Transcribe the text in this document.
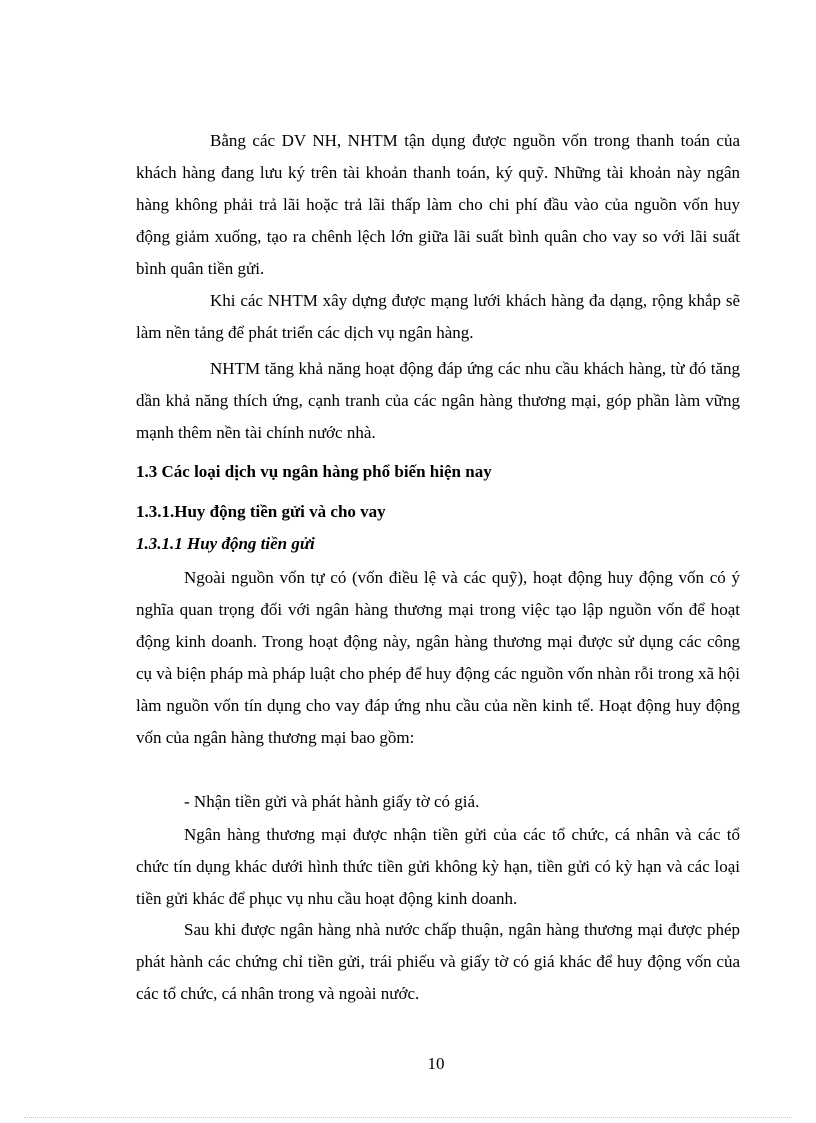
Bằng các DV NH, NHTM tận dụng được nguồn vốn trong thanh toán của khách hàng đang lưu ký trên tài khoản thanh toán, ký quỹ. Những tài khoản này ngân hàng không phải trả lãi hoặc trả lãi thấp làm cho chi phí đầu vào của nguồn vốn huy động giảm xuống, tạo ra chênh lệch lớn giữa lãi suất bình quân cho vay so với lãi suất bình quân tiền gửi.

Khi các NHTM xây dựng được mạng lưới khách hàng đa dạng, rộng khắp sẽ làm nền tảng để phát triển các dịch vụ ngân hàng.

NHTM tăng khả năng hoạt động đáp ứng các nhu cầu khách hàng, từ đó tăng dần khả năng thích ứng, cạnh tranh của các ngân hàng thương mại, góp phần làm vững mạnh thêm nền tài chính nước nhà.

1.3 Các loại dịch vụ ngân hàng phổ biến hiện nay
1.3.1.Huy động tiền gửi và cho vay
1.3.1.1 Huy động tiền gửi

Ngoài nguồn vốn tự có (vốn điều lệ và các quỹ), hoạt động huy động vốn có ý nghĩa quan trọng đối với ngân hàng thương mại trong việc tạo lập nguồn vốn để hoạt động kinh doanh. Trong hoạt động này, ngân hàng thương mại được sử dụng các công cụ và biện pháp mà pháp luật cho phép để huy động các nguồn vốn nhàn rỗi trong xã hội làm nguồn vốn tín dụng cho vay đáp ứng nhu cầu của nền kinh tế. Hoạt động huy động vốn của ngân hàng thương mại bao gồm:

- Nhận tiền gửi và phát hành giấy tờ có giá.

Ngân hàng thương mại được nhận tiền gửi của các tổ chức, cá nhân và các tổ chức tín dụng khác dưới hình thức tiền gửi không kỳ hạn, tiền gửi có kỳ hạn và các loại tiền gửi khác để phục vụ nhu cầu hoạt động kinh doanh.

Sau khi được ngân hàng nhà nước chấp thuận, ngân hàng thương mại được phép phát hành các chứng chỉ tiền gửi, trái phiếu và giấy tờ có giá khác để huy động vốn của các tổ chức, cá nhân trong và ngoài nước.

10
